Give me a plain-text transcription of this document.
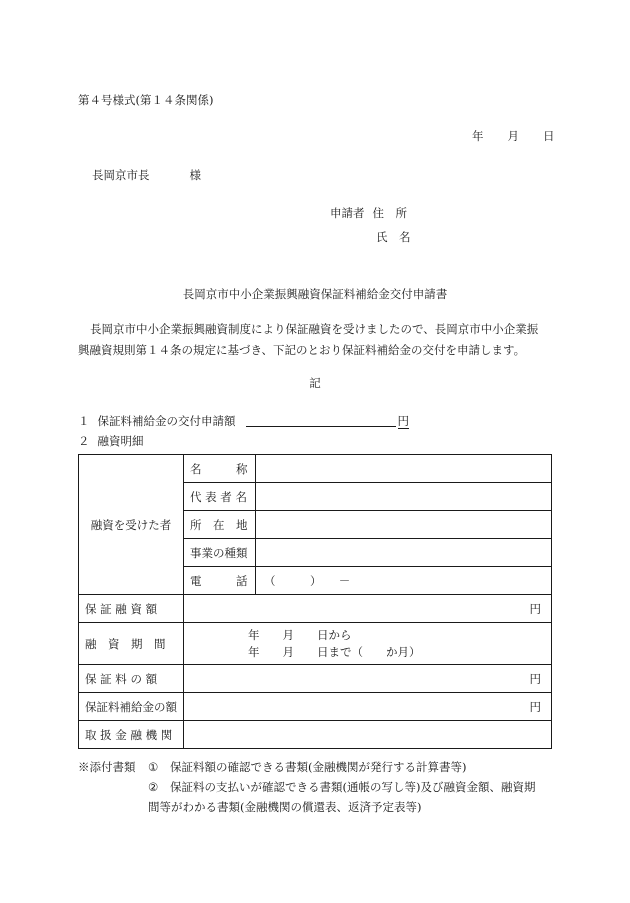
第４号様式(第１４条関係)
年 月 日
長岡京市長	様
申請者 住　所
氏　名
長岡京市中小企業振興融資保証料補給金交付申請書
長岡京市中小企業振興融資制度により保証融資を受けましたので、長岡京市中小企業振
興融資規則第１４条の規定に基づき、下記のとおり保証料補給金の交付を申請します。
記
１ 保証料補給金の交付申請額	円
２ 融資明細
融資を受けた者	名　　　称	
	代 表 者 名	
	所　在　地	
	事業の種類	
	電　　　話	（　　　）　　－
保 証 融 資 額	円	

融　資　期　間	年　　月　　日から
年　　月　　日まで（　　か月）	

保 証 料 の 額	円	

保証料補給金の額	円	

取 扱 金 融 機 関		
※添付書類 ① 保証料額の確認できる書類(金融機関が発行する計算書等)
② 保証料の支払いが確認できる書類(通帳の写し等)及び融資金額、融資期
間等がわかる書類(金融機関の償還表、返済予定表等)
